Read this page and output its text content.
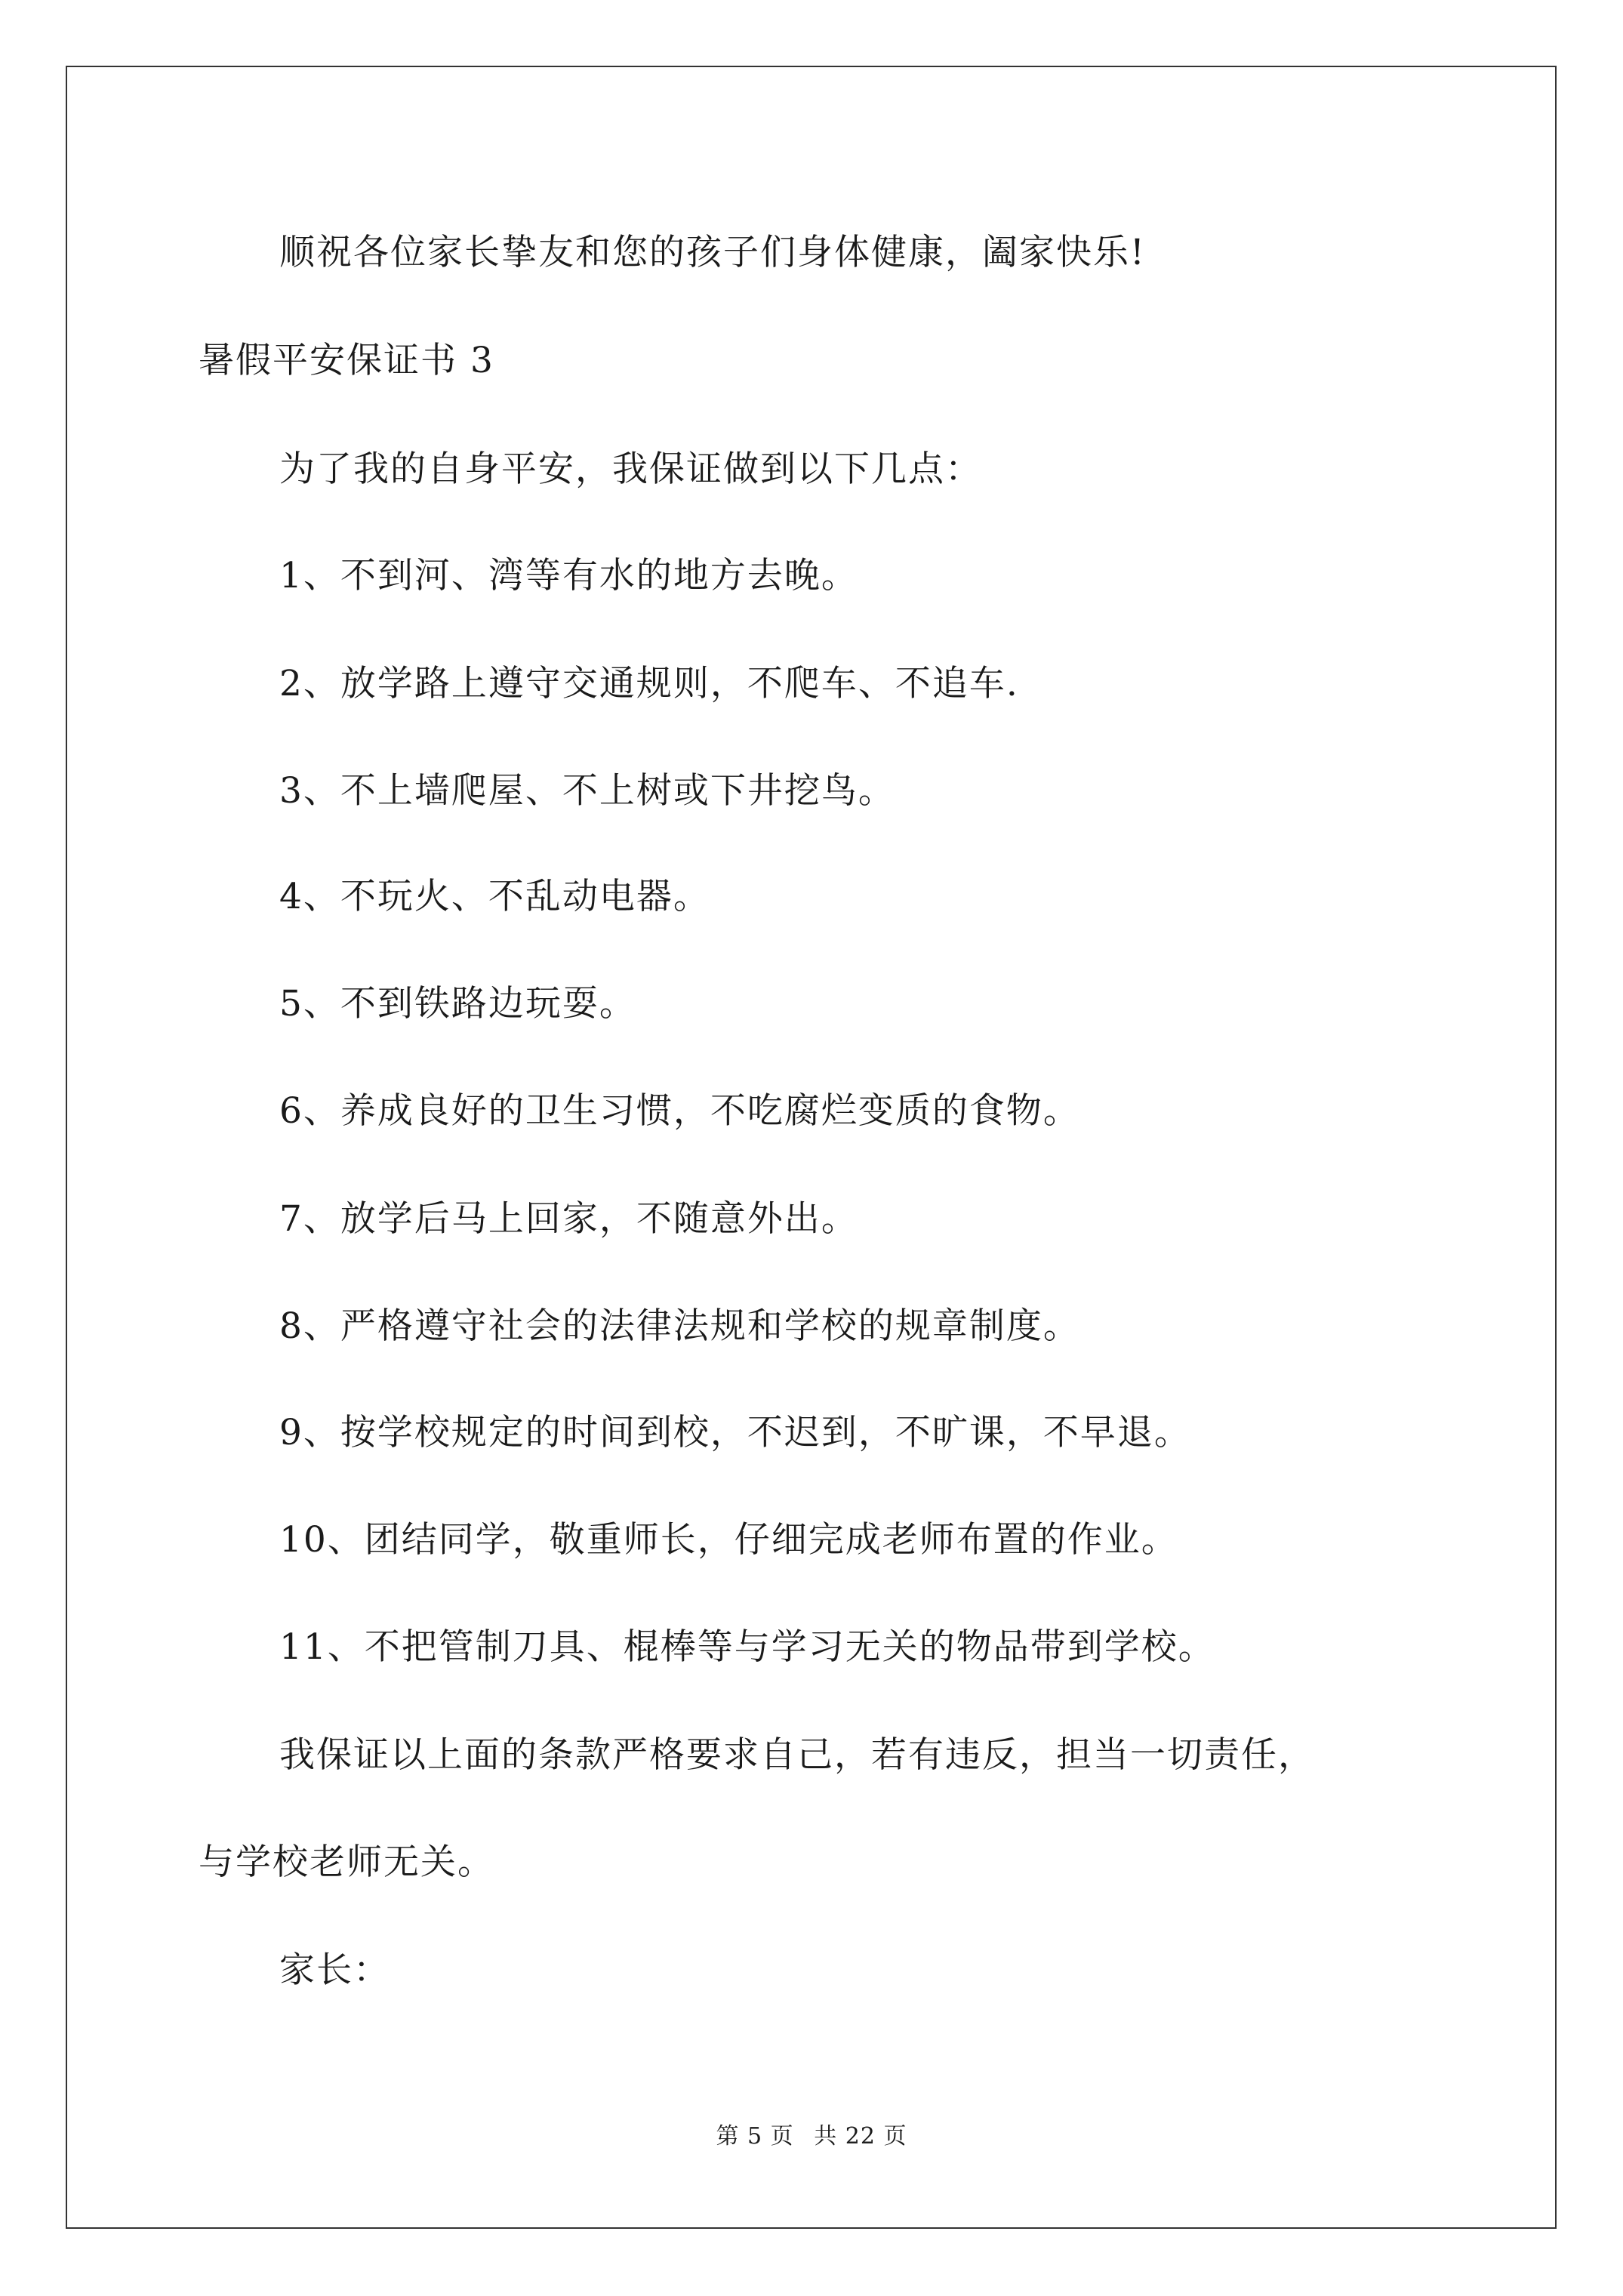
顺祝各位家长挚友和您的孩子们身体健康，阖家快乐!
暑假平安保证书 3
为了我的自身平安，我保证做到以下几点：
1、不到河、湾等有水的地方去晚。
2、放学路上遵守交通规则，不爬车、不追车.
3、不上墙爬屋、不上树或下井挖鸟。
4、不玩火、不乱动电器。
5、不到铁路边玩耍。
6、养成良好的卫生习惯，不吃腐烂变质的食物。
7、放学后马上回家，不随意外出。
8、严格遵守社会的法律法规和学校的规章制度。
9、按学校规定的时间到校，不迟到，不旷课，不早退。
10、团结同学，敬重师长，仔细完成老师布置的作业。
11、不把管制刀具、棍棒等与学习无关的物品带到学校。
我保证以上面的条款严格要求自己，若有违反，担当一切责任，
与学校老师无关。
家长：
第 5 页 共 22 页
